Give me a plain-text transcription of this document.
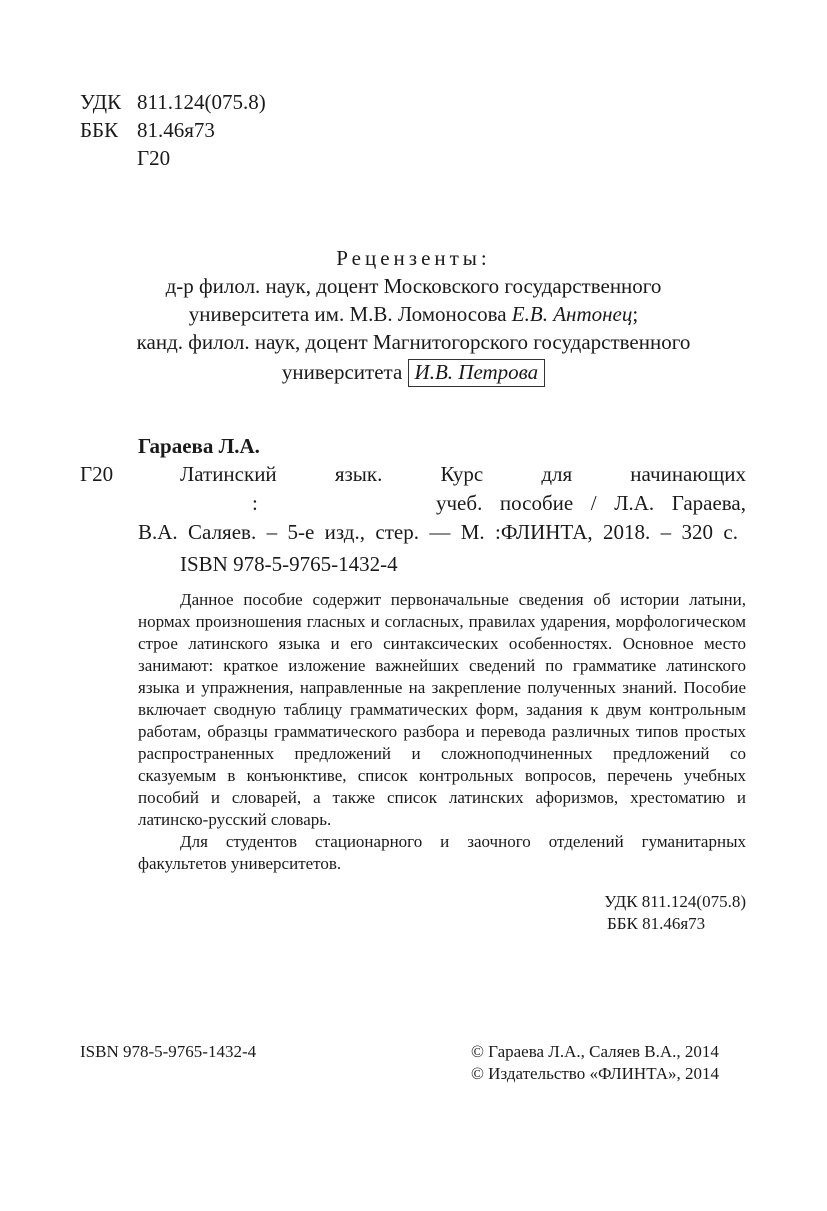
УДК 811.124(075.8)
ББК 81.46я73
Г20
Рецензенты:
д-р филол. наук, доцент Московского государственного
университета им. М.В. Ломоносова Е.В. Антонец;
канд. филол. наук, доцент Магнитогорского государственного
университета И.В. Петрова
Гараева Л.А.
Г20	Латинский	язык.	Курс	для	начинающих
:	учеб. пособие / Л.А. Гараева,
В.А. Саляев. – 5-е изд., стер. — М. :ФЛИНТА, 2018. – 320 с.
ISBN 978-5-9765-1432-4

Данное пособие содержит первоначальные сведения об истории латыни, нормах произношения гласных и согласных, правилах ударения, морфологическом строе латинского языка и его синтаксических особенностях. Основное место занимают: краткое изложение важнейших сведений по грамматике латинского языка и упражнения, направленные на закрепление полученных знаний. Пособие включает сводную таблицу грамматических форм, задания к двум контрольным работам, образцы грамматического разбора и перевода различных типов простых распространенных предложений и сложноподчиненных предложений со сказуемым в конъюнктиве, список контрольных вопросов, перечень учебных пособий и словарей, а также список латинских афоризмов, хрестоматию и латинско-русский словарь.

Для студентов стационарного и заочного отделений гуманитарных факультетов университетов.

УДК 811.124(075.8)
ББК 81.46я73
ISBN 978-5-9765-1432-4	© Гараева Л.А., Саляев В.А., 2014
© Издательство «ФЛИНТА», 2014
